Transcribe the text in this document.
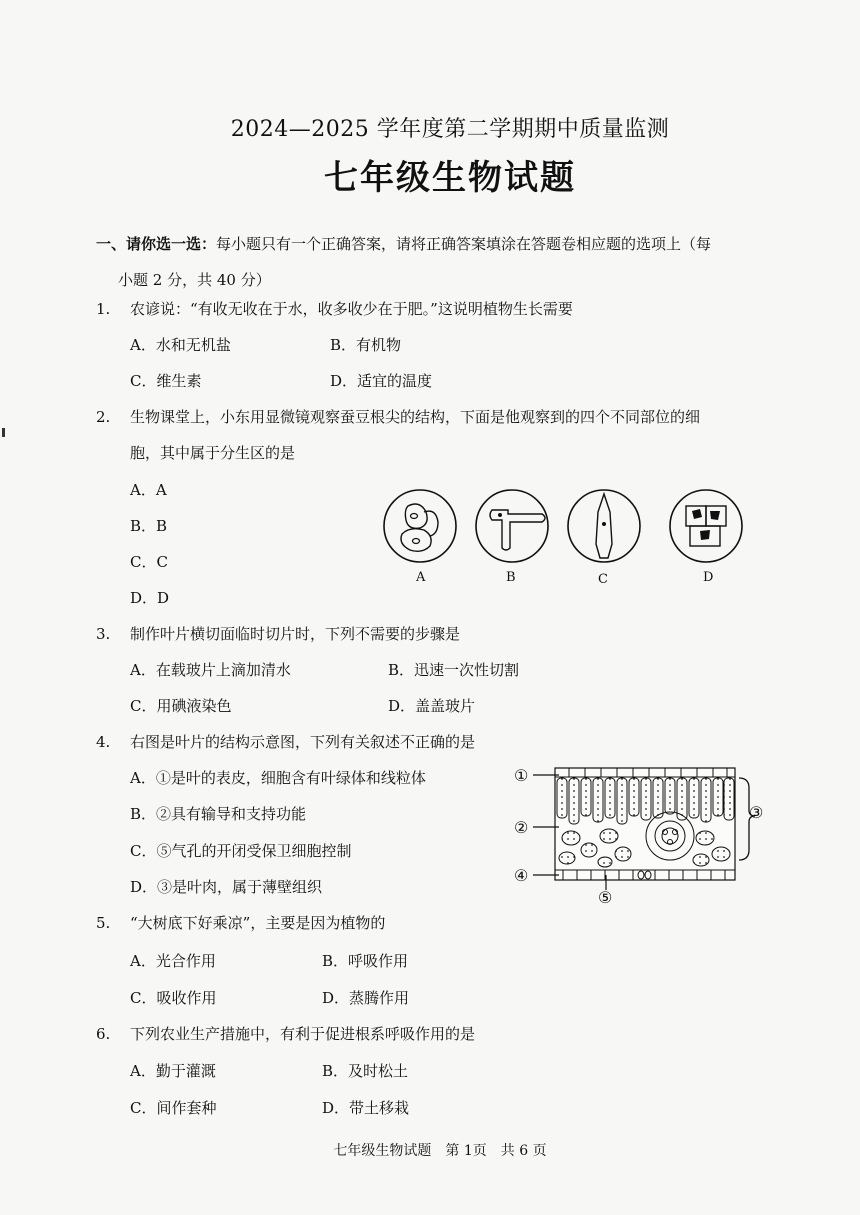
2024—2025 学年度第二学期期中质量监测
七年级生物试题
一、请你选一选：每小题只有一个正确答案，请将正确答案填涂在答题卷相应题的选项上（每
小题 2 分，共 40 分）
1. 农谚说：“有收无收在于水，收多收少在于肥。”这说明植物生长需要
A．水和无机盐	B．有机物
C．维生素	D．适宜的温度
2. 生物课堂上，小东用显微镜观察蚕豆根尖的结构，下面是他观察到的四个不同部位的细
胞，其中属于分生区的是
A．A
B．B
C．C
D．D
A	B	C	D
3. 制作叶片横切面临时切片时，下列不需要的步骤是
A．在载玻片上滴加清水	B．迅速一次性切割
C．用碘液染色	D．盖盖玻片
4. 右图是叶片的结构示意图，下列有关叙述不正确的是
A．①是叶的表皮，细胞含有叶绿体和线粒体
B．②具有输导和支持功能
C．⑤气孔的开闭受保卫细胞控制
D．③是叶肉，属于薄壁组织
①
②
③
④
⑤
5. “大树底下好乘凉”，主要是因为植物的
A．光合作用	B．呼吸作用
C．吸收作用	D．蒸腾作用
6. 下列农业生产措施中，有利于促进根系呼吸作用的是
A．勤于灌溉	B．及时松土
C．间作套种	D．带土移栽
七年级生物试题　第 1页　共 6 页
